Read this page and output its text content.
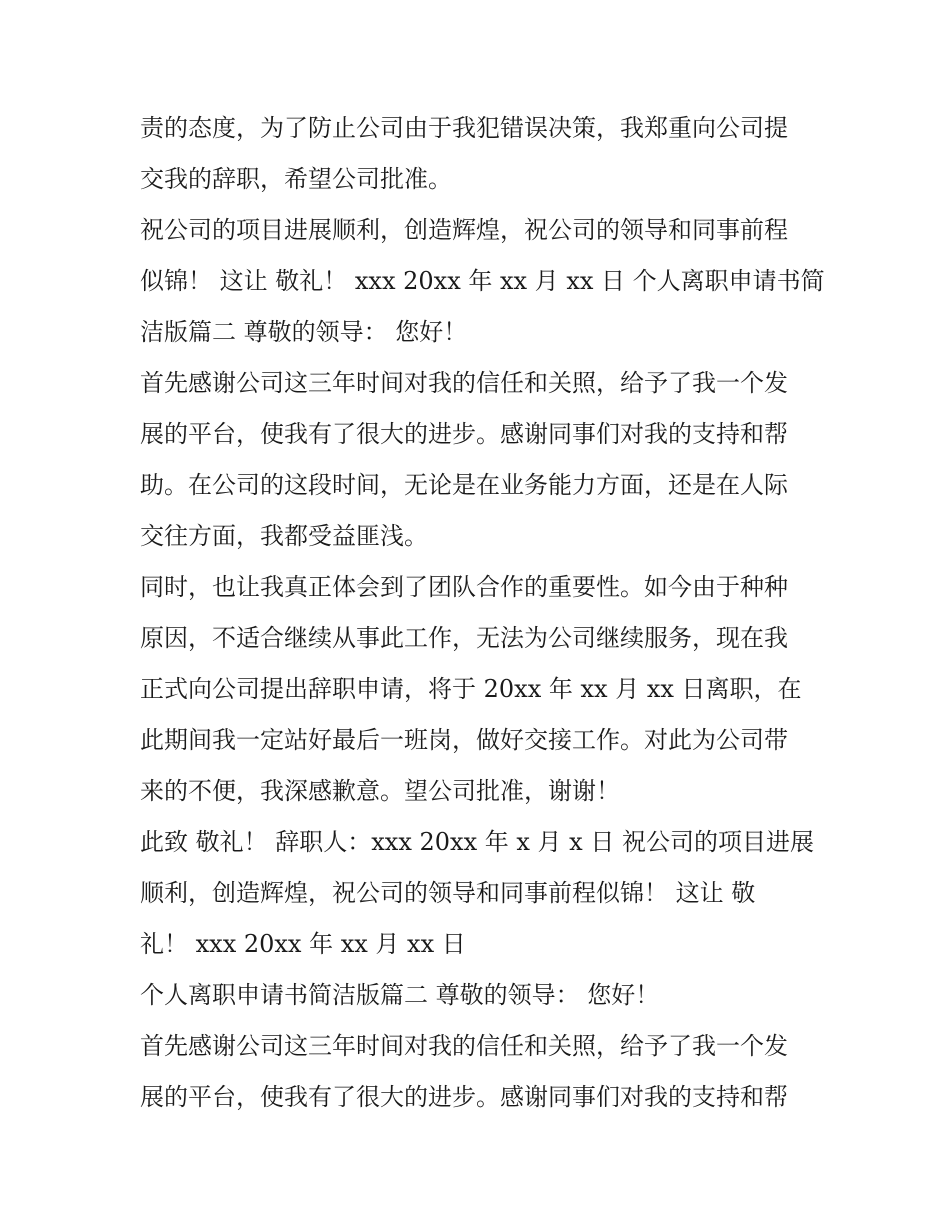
责的态度，为了防止公司由于我犯错误决策，我郑重向公司提
交我的辞职，希望公司批准。
祝公司的项目进展顺利，创造辉煌，祝公司的领导和同事前程
似锦！ 这让 敬礼！ xxx 20xx 年 xx 月 xx 日 个人离职申请书简
洁版篇二 尊敬的领导： 您好！
首先感谢公司这三年时间对我的信任和关照，给予了我一个发
展的平台，使我有了很大的进步。感谢同事们对我的支持和帮
助。在公司的这段时间，无论是在业务能力方面，还是在人际
交往方面，我都受益匪浅。
同时，也让我真正体会到了团队合作的重要性。如今由于种种
原因，不适合继续从事此工作，无法为公司继续服务，现在我
正式向公司提出辞职申请，将于 20xx 年 xx 月 xx 日离职，在
此期间我一定站好最后一班岗，做好交接工作。对此为公司带
来的不便，我深感歉意。望公司批准，谢谢！
此致 敬礼！ 辞职人：xxx 20xx 年 x 月 x 日 祝公司的项目进展
顺利，创造辉煌，祝公司的领导和同事前程似锦！ 这让 敬
礼！ xxx 20xx 年 xx 月 xx 日
个人离职申请书简洁版篇二 尊敬的领导： 您好！
首先感谢公司这三年时间对我的信任和关照，给予了我一个发
展的平台，使我有了很大的进步。感谢同事们对我的支持和帮
